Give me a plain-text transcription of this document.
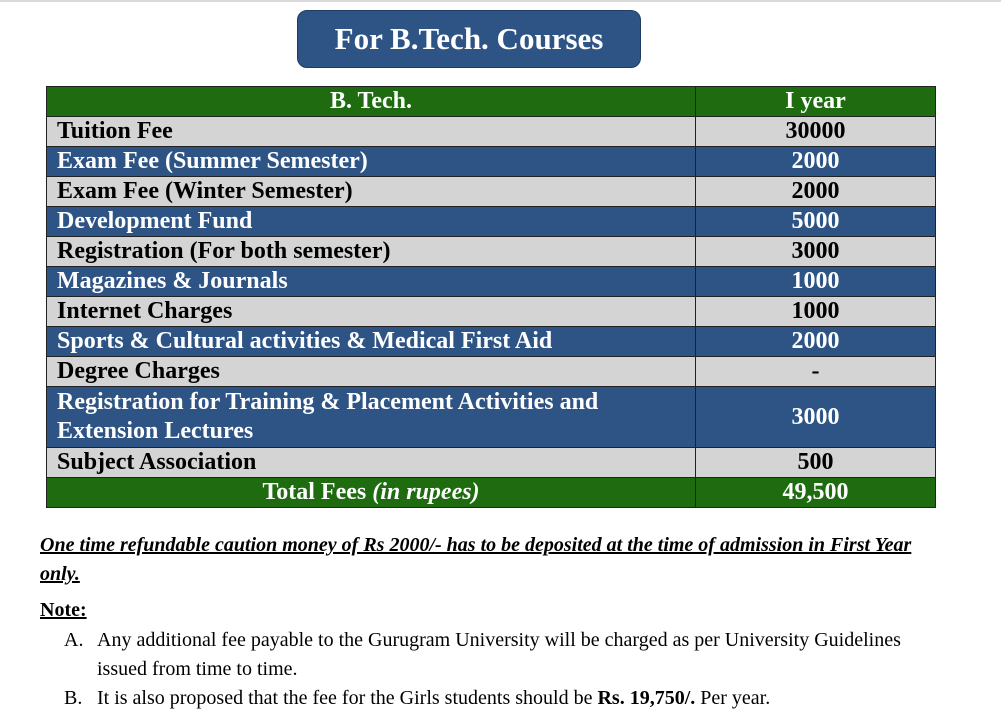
For B.Tech. Courses
B. Tech.	I year
Tuition Fee	30000
Exam Fee (Summer Semester)	2000
Exam Fee (Winter Semester)	2000
Development Fund	5000
Registration (For both semester)	3000
Magazines & Journals	1000
Internet Charges	1000
Sports & Cultural activities & Medical First Aid	2000
Degree Charges	-
Registration for Training & Placement Activities and Extension Lectures	3000
Subject Association	500
Total Fees (in rupees)	49,500
One time refundable caution money of Rs 2000/- has to be deposited at the time of admission in First Year only.
Note:
A. Any additional fee payable to the Gurugram University will be charged as per University Guidelines issued from time to time.
B. It is also proposed that the fee for the Girls students should be Rs. 19,750/. Per year.
